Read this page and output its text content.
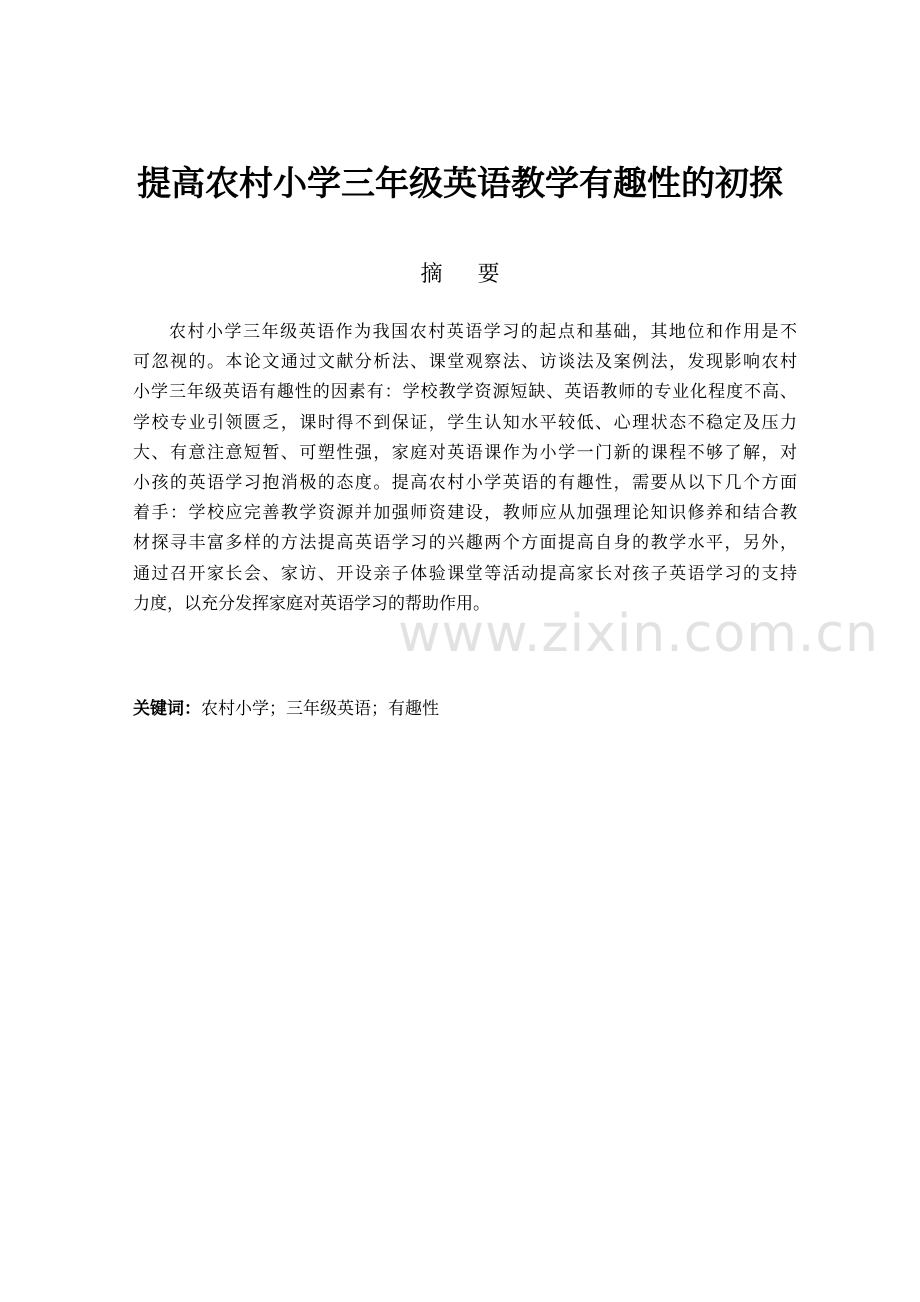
提高农村小学三年级英语教学有趣性的初探
摘 要
农村小学三年级英语作为我国农村英语学习的起点和基础，其地位和作用是不
可忽视的。本论文通过文献分析法、课堂观察法、访谈法及案例法，发现影响农村
小学三年级英语有趣性的因素有：学校教学资源短缺、英语教师的专业化程度不高、
学校专业引领匮乏，课时得不到保证，学生认知水平较低、心理状态不稳定及压力
大、有意注意短暂、可塑性强，家庭对英语课作为小学一门新的课程不够了解，对
小孩的英语学习抱消极的态度。提高农村小学英语的有趣性，需要从以下几个方面
着手：学校应完善教学资源并加强师资建设，教师应从加强理论知识修养和结合教
材探寻丰富多样的方法提高英语学习的兴趣两个方面提高自身的教学水平，另外，
通过召开家长会、家访、开设亲子体验课堂等活动提高家长对孩子英语学习的支持
力度，以充分发挥家庭对英语学习的帮助作用。
关键词：农村小学；三年级英语；有趣性
www.zixin.com.cn
